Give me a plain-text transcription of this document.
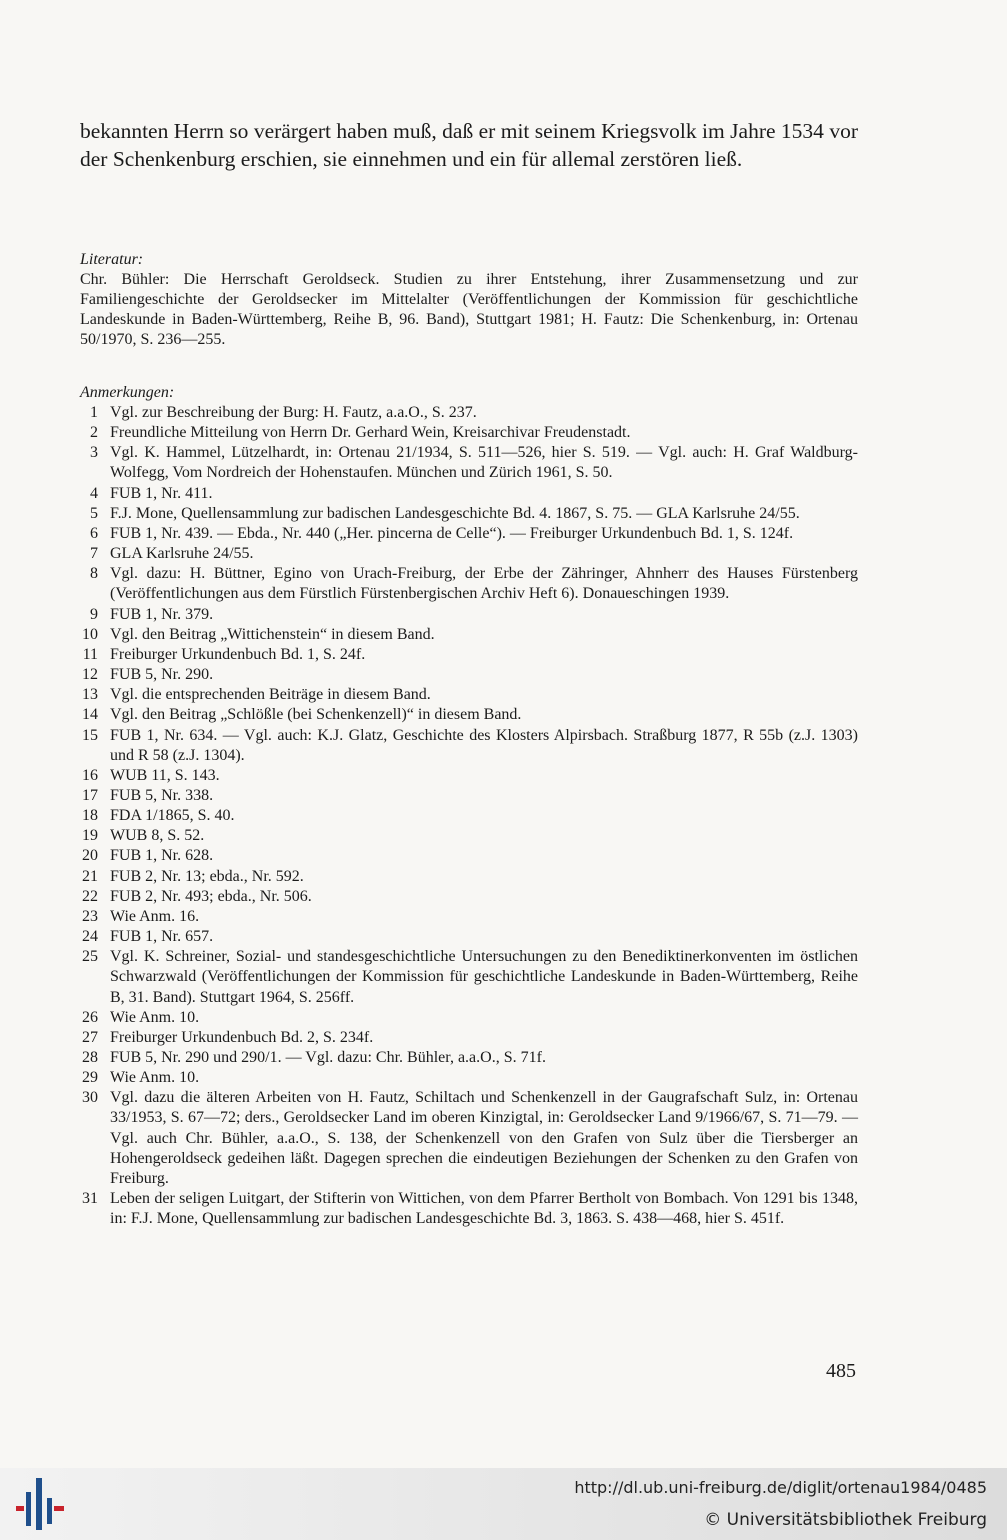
bekannten Herrn so verärgert haben muß, daß er mit seinem Kriegsvolk im Jahre 1534 vor der Schenkenburg erschien, sie einnehmen und ein für allemal zerstören ließ.

Literatur:

Chr. Bühler: Die Herrschaft Geroldseck. Studien zu ihrer Entstehung, ihrer Zusammensetzung und zur Familiengeschichte der Geroldsecker im Mittelalter (Veröffentlichungen der Kommission für geschichtliche Landeskunde in Baden-Württemberg, Reihe B, 96. Band), Stuttgart 1981; H. Fautz: Die Schenkenburg, in: Ortenau 50/1970, S. 236—255.

Anmerkungen:
1 Vgl. zur Beschreibung der Burg: H. Fautz, a.a.O., S. 237.
2 Freundliche Mitteilung von Herrn Dr. Gerhard Wein, Kreisarchivar Freudenstadt.
3 Vgl. K. Hammel, Lützelhardt, in: Ortenau 21/1934, S. 511—526, hier S. 519. — Vgl. auch: H. Graf Waldburg-Wolfegg, Vom Nordreich der Hohenstaufen. München und Zürich 1961, S. 50.
4 FUB 1, Nr. 411.
5 F.J. Mone, Quellensammlung zur badischen Landesgeschichte Bd. 4. 1867, S. 75. — GLA Karlsruhe 24/55.
6 FUB 1, Nr. 439. — Ebda., Nr. 440 („Her. pincerna de Celle“). — Freiburger Urkundenbuch Bd. 1, S. 124f.
7 GLA Karlsruhe 24/55.
8 Vgl. dazu: H. Büttner, Egino von Urach-Freiburg, der Erbe der Zähringer, Ahnherr des Hauses Fürstenberg (Veröffentlichungen aus dem Fürstlich Fürstenbergischen Archiv Heft 6). Donaueschingen 1939.
9 FUB 1, Nr. 379.
10 Vgl. den Beitrag „Wittichenstein“ in diesem Band.
11 Freiburger Urkundenbuch Bd. 1, S. 24f.
12 FUB 5, Nr. 290.
13 Vgl. die entsprechenden Beiträge in diesem Band.
14 Vgl. den Beitrag „Schlößle (bei Schenkenzell)“ in diesem Band.
15 FUB 1, Nr. 634. — Vgl. auch: K.J. Glatz, Geschichte des Klosters Alpirsbach. Straßburg 1877, R 55b (z.J. 1303) und R 58 (z.J. 1304).
16 WUB 11, S. 143.
17 FUB 5, Nr. 338.
18 FDA 1/1865, S. 40.
19 WUB 8, S. 52.
20 FUB 1, Nr. 628.
21 FUB 2, Nr. 13; ebda., Nr. 592.
22 FUB 2, Nr. 493; ebda., Nr. 506.
23 Wie Anm. 16.
24 FUB 1, Nr. 657.
25 Vgl. K. Schreiner, Sozial- und standesgeschichtliche Untersuchungen zu den Benediktinerkonventen im östlichen Schwarzwald (Veröffentlichungen der Kommission für geschichtliche Landeskunde in Baden-Württemberg, Reihe B, 31. Band). Stuttgart 1964, S. 256ff.
26 Wie Anm. 10.
27 Freiburger Urkundenbuch Bd. 2, S. 234f.
28 FUB 5, Nr. 290 und 290/1. — Vgl. dazu: Chr. Bühler, a.a.O., S. 71f.
29 Wie Anm. 10.
30 Vgl. dazu die älteren Arbeiten von H. Fautz, Schiltach und Schenkenzell in der Gaugrafschaft Sulz, in: Ortenau 33/1953, S. 67—72; ders., Geroldsecker Land im oberen Kinzigtal, in: Geroldsecker Land 9/1966/67, S. 71—79. — Vgl. auch Chr. Bühler, a.a.O., S. 138, der Schenkenzell von den Grafen von Sulz über die Tiersberger an Hohengeroldseck gedeihen läßt. Dagegen sprechen die eindeutigen Beziehungen der Schenken zu den Grafen von Freiburg.
31 Leben der seligen Luitgart, der Stifterin von Wittichen, von dem Pfarrer Bertholt von Bombach. Von 1291 bis 1348, in: F.J. Mone, Quellensammlung zur badischen Landesgeschichte Bd. 3, 1863. S. 438—468, hier S. 451f.
485
http://dl.ub.uni-freiburg.de/diglit/ortenau1984/0485
© Universitätsbibliothek Freiburg
